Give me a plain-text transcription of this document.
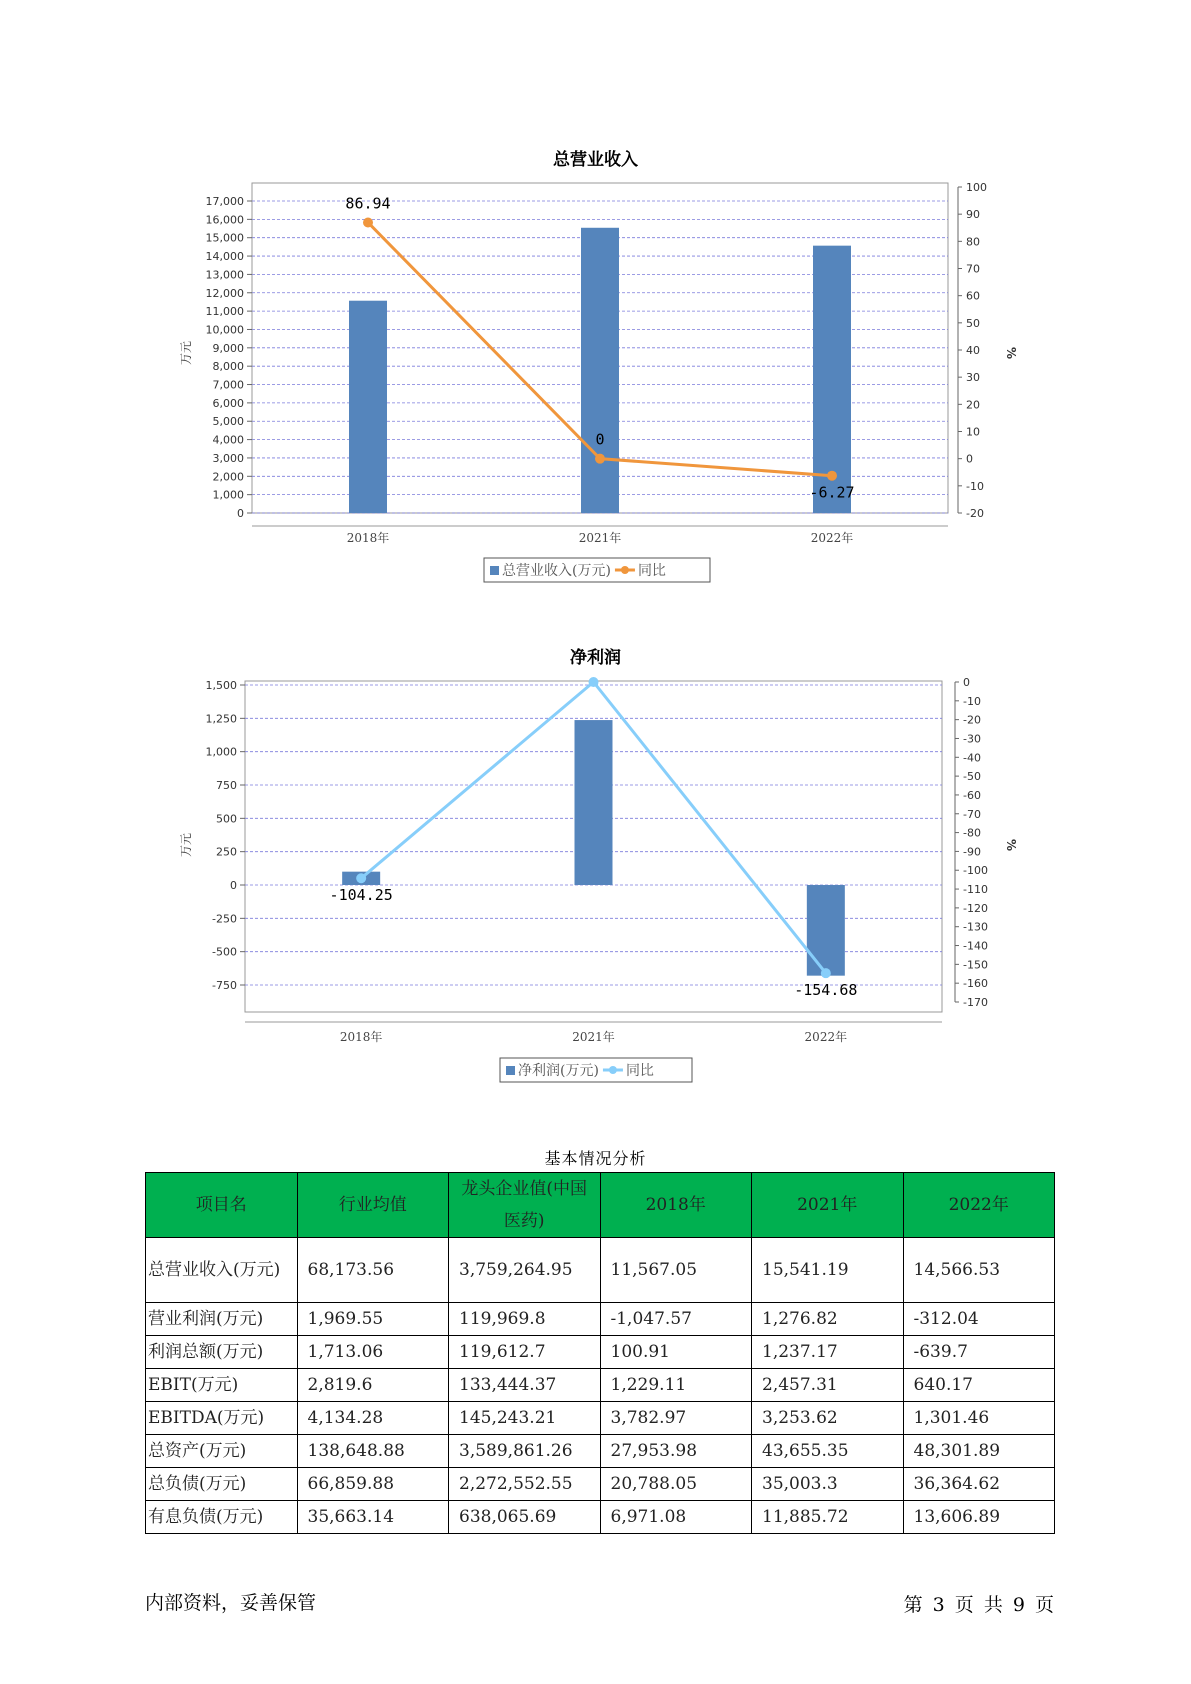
总营业收入
0
1,000
2,000
3,000
4,000
5,000
6,000
7,000
8,000
9,000
10,000
11,000
12,000
13,000
14,000
15,000
16,000
17,000
-20
-10
0
10
20
30
40
50
60
70
80
90
100
万元	%
2018年	2021年	2022年
86.94
0
-6.27
总营业收入(万元) 同比
净利润
-750
-500
-250
0
250
500
750
1,000
1,250
1,500
-170
-160
-150
-140
-130
-120
-110
-100
-90
-80
-70
-60
-50
-40
-30
-20
-10
0
万元	%
2018年	2021年	2022年
-104.25
-154.68
净利润(万元) 同比
基本情况分析
项目名	行业均值	龙头企业值(中国医药)	2018年	2021年	2022年
总营业收入(万元)	68,173.56	3,759,264.95	11,567.05	15,541.19	14,566.53
营业利润(万元)	1,969.55	119,969.8	-1,047.57	1,276.82	-312.04
利润总额(万元)	1,713.06	119,612.7	100.91	1,237.17	-639.7
EBIT(万元)	2,819.6	133,444.37	1,229.11	2,457.31	640.17
EBITDA(万元)	4,134.28	145,243.21	3,782.97	3,253.62	1,301.46
总资产(万元)	138,648.88	3,589,861.26	27,953.98	43,655.35	48,301.89
总负债(万元)	66,859.88	2,272,552.55	20,788.05	35,003.3	36,364.62
有息负债(万元)	35,663.14	638,065.69	6,971.08	11,885.72	13,606.89
内部资料，妥善保管	第 3 页 共 9 页
